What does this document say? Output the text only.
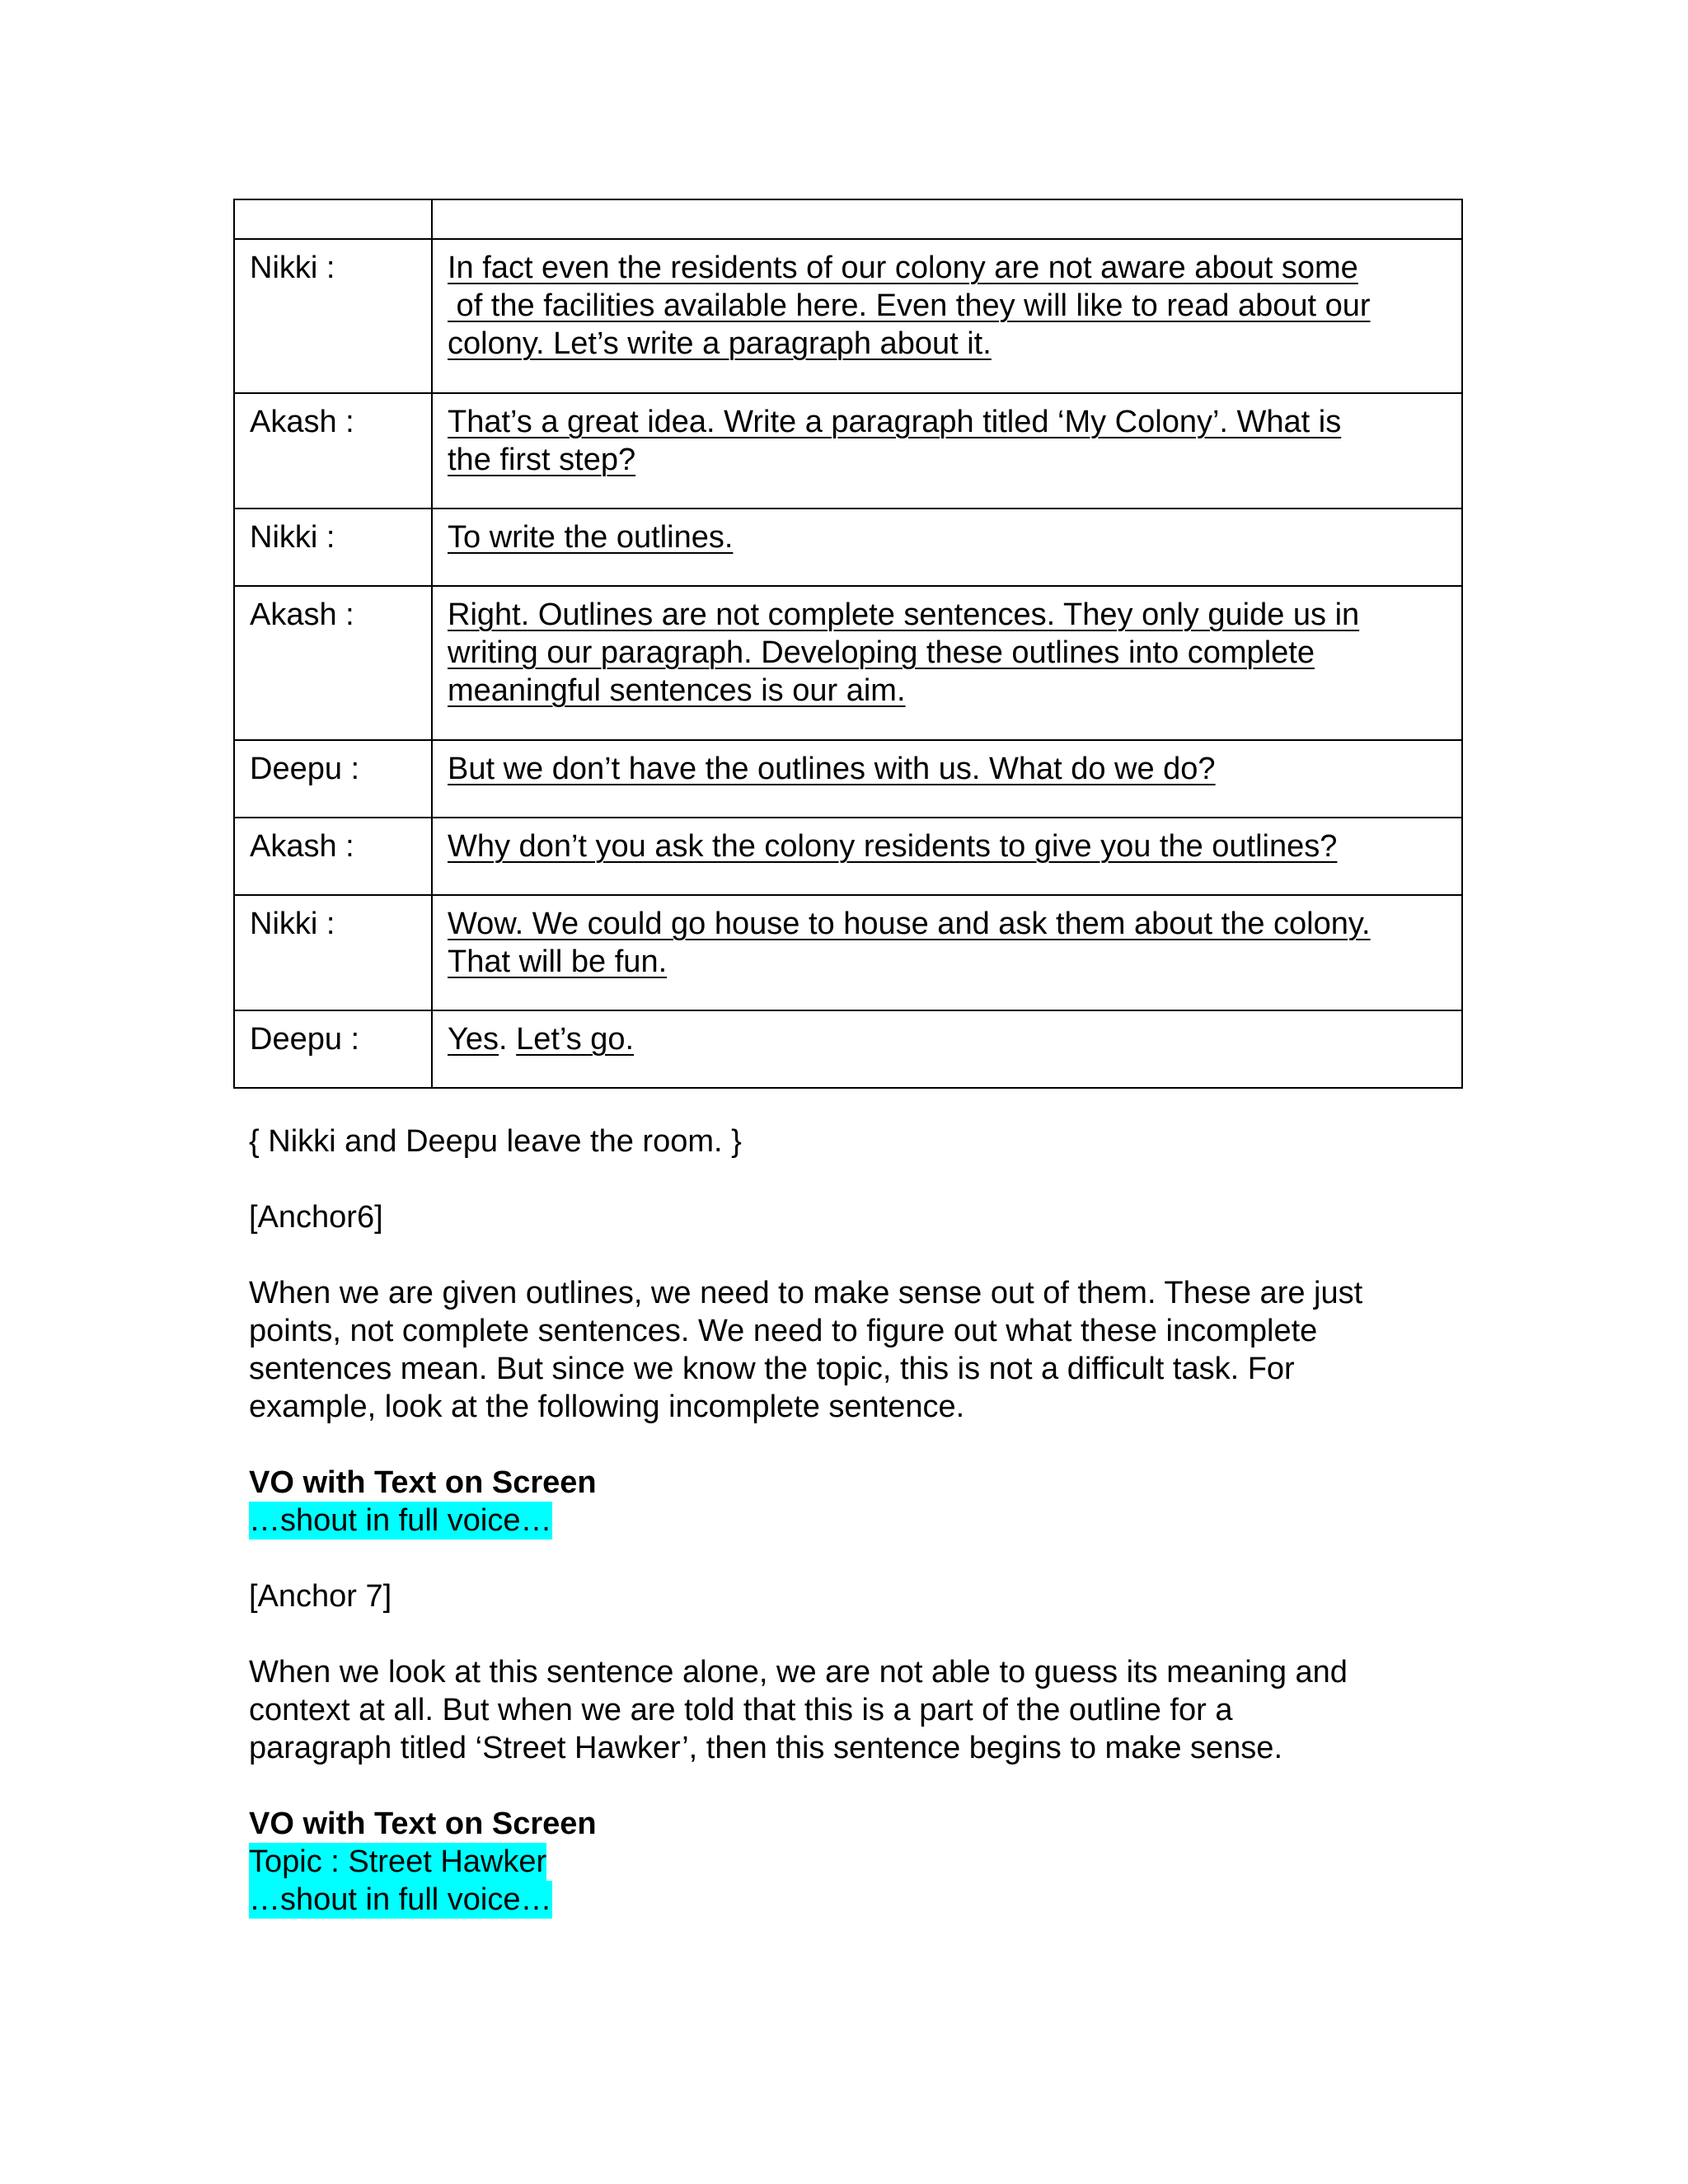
Nikki :	In fact even the residents of our colony are not aware about some
of the facilities available here. Even they will like to read about our
colony. Let’s write a paragraph about it.

Akash :	That’s a great idea. Write a paragraph titled ‘My Colony’. What is
the first step?

Nikki :	To write the outlines.

Akash :	Right. Outlines are not complete sentences. They only guide us in
writing our paragraph. Developing these outlines into complete
meaningful sentences is our aim.

Deepu :	But we don’t have the outlines with us. What do we do?

Akash :	Why don’t you ask the colony residents to give you the outlines?

Nikki :	Wow. We could go house to house and ask them about the colony.
That will be fun.

Deepu :	Yes. Let’s go.
{ Nikki and Deepu leave the room. }
[Anchor6]
When we are given outlines, we need to make sense out of them. These are just
points, not complete sentences. We need to figure out what these incomplete
sentences mean. But since we know the topic, this is not a difficult task. For
example, look at the following incomplete sentence.
VO with Text on Screen
…shout in full voice…
[Anchor 7]
When we look at this sentence alone, we are not able to guess its meaning and
context at all. But when we are told that this is a part of the outline for a
paragraph titled ‘Street Hawker’, then this sentence begins to make sense.
VO with Text on Screen
Topic : Street Hawker
…shout in full voice…
